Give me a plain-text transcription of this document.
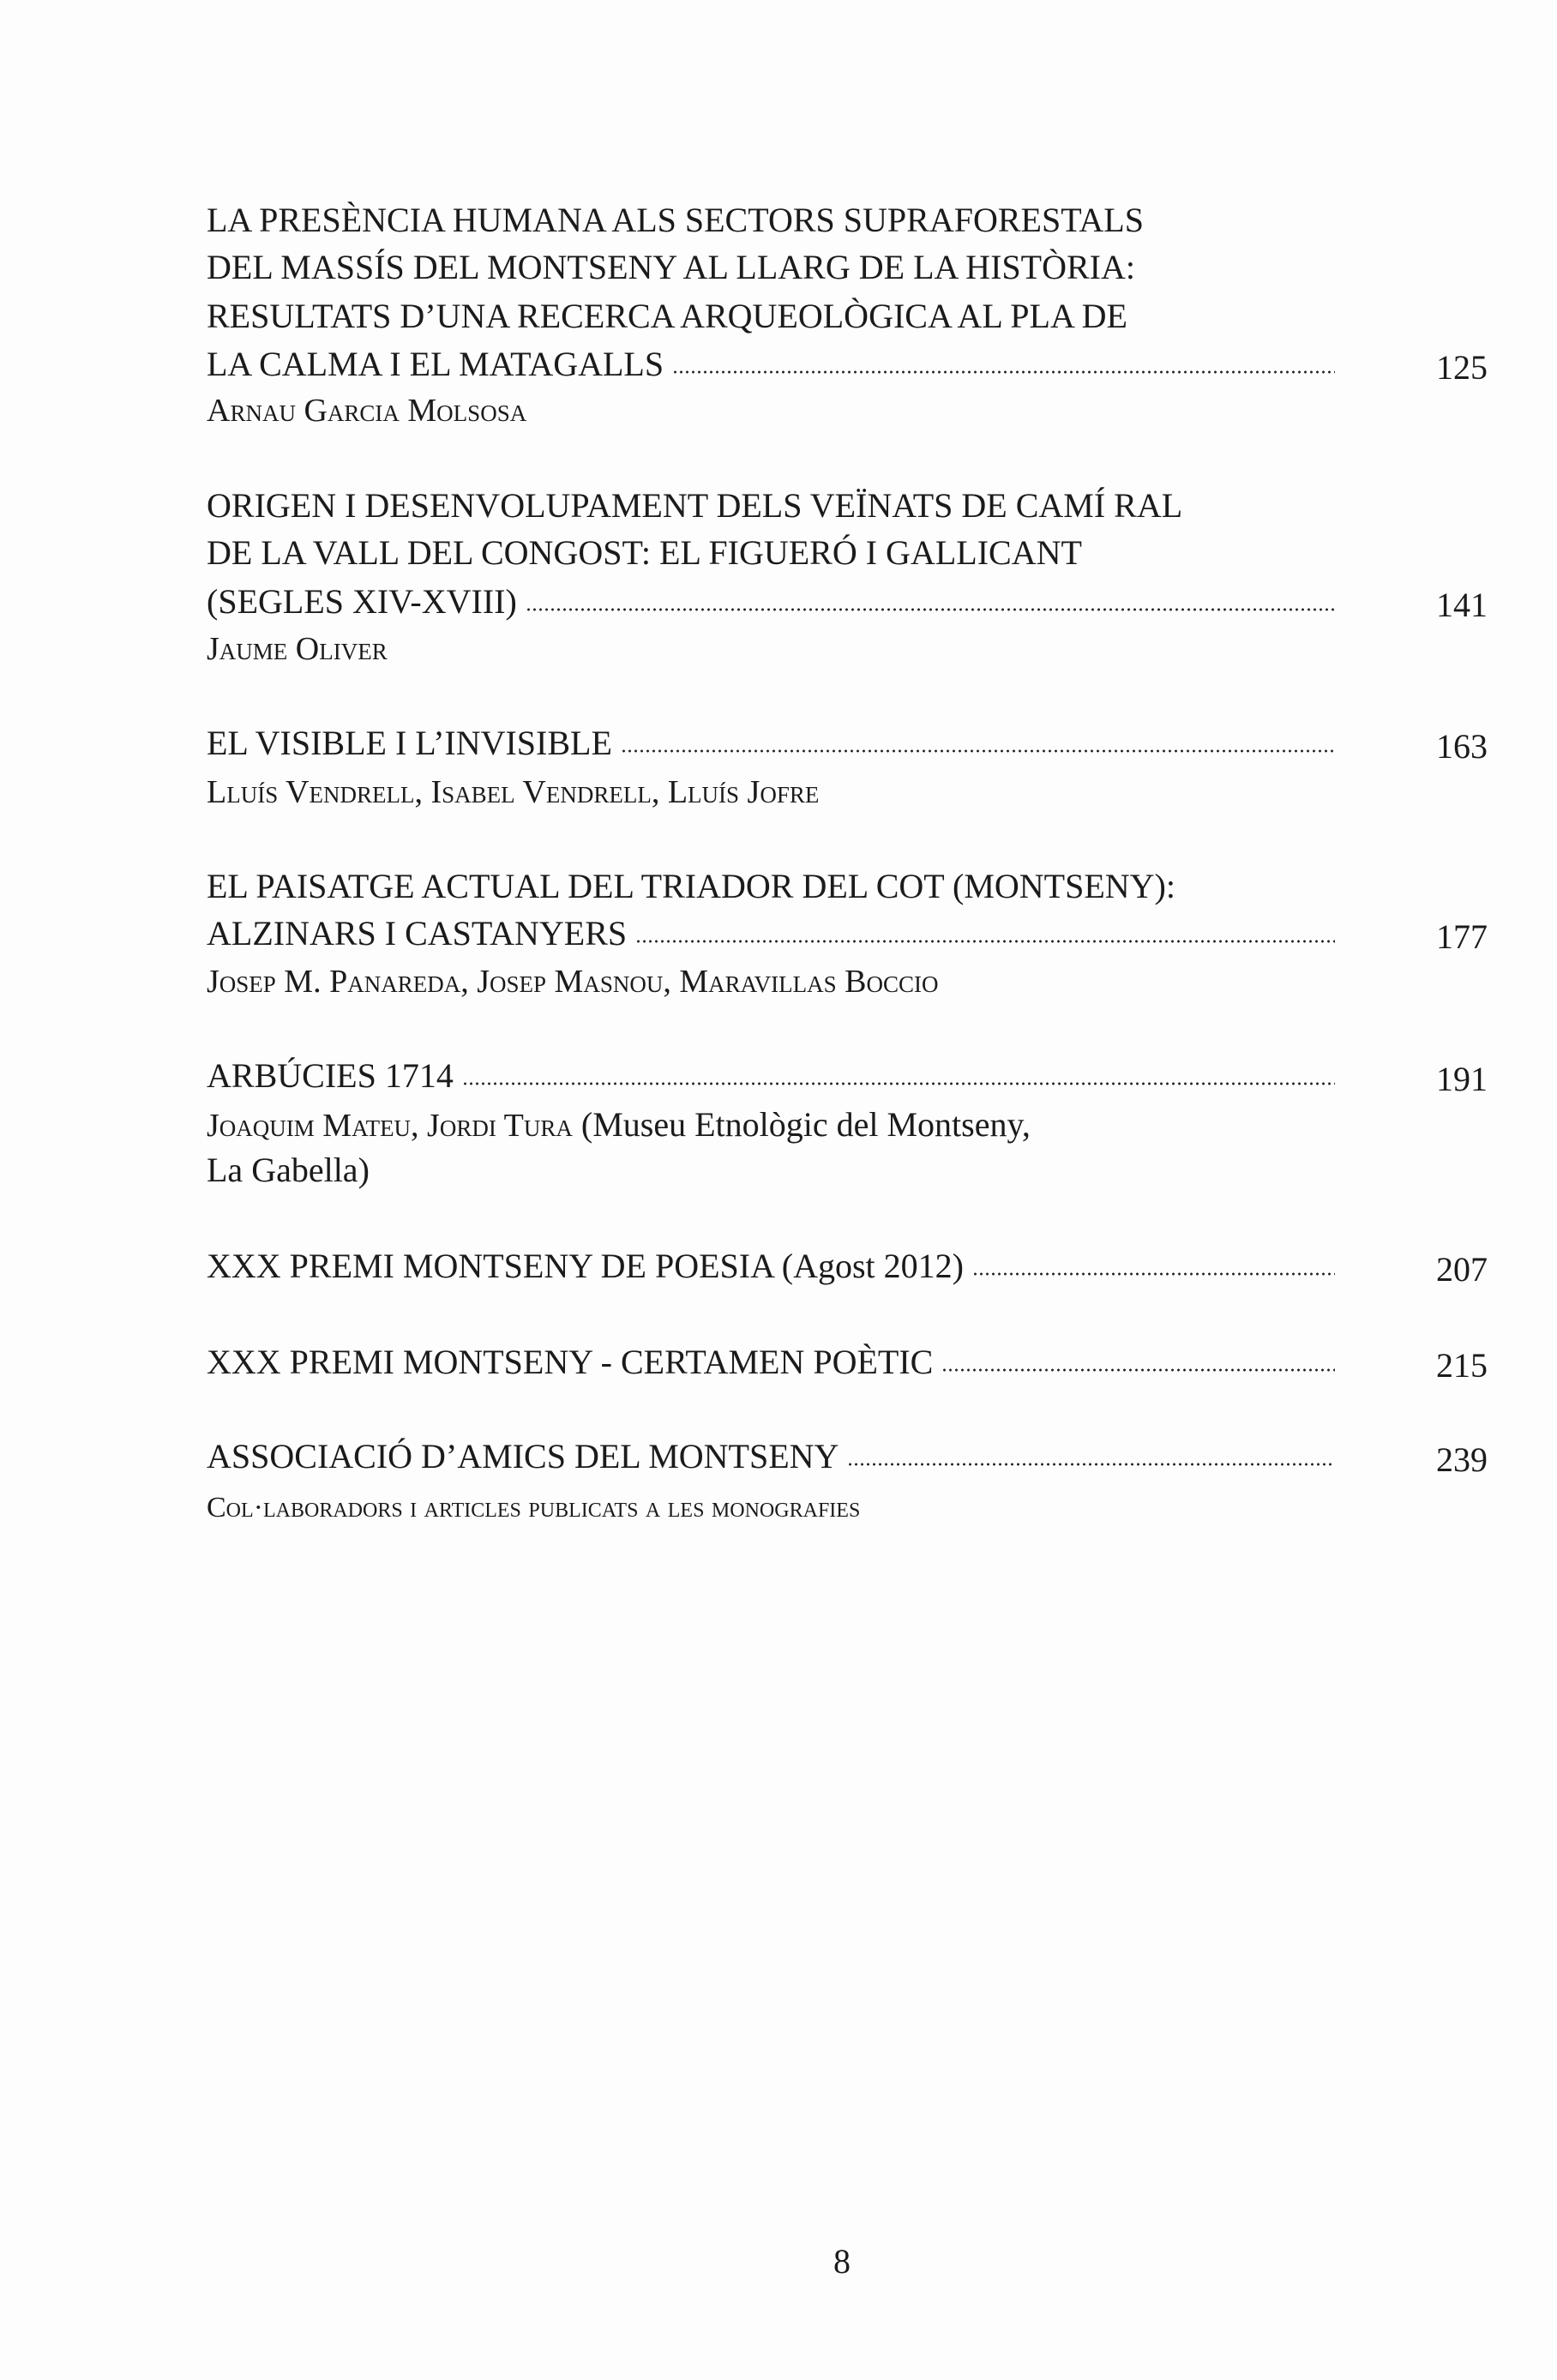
LA PRESÈNCIA HUMANA ALS SECTORS SUPRAFORESTALS
DEL MASSÍS DEL MONTSENY AL LLARG DE LA HISTÒRIA:
RESULTATS D’UNA RECERCA ARQUEOLÒGICA AL PLA DE
LA CALMA I EL MATAGALLS	125
Arnau Garcia Molsosa
ORIGEN I DESENVOLUPAMENT DELS VEÏNATS DE CAMÍ RAL
DE LA VALL DEL CONGOST: EL FIGUERÓ I GALLICANT
(SEGLES XIV-XVIII)	141
Jaume Oliver
EL VISIBLE I L’INVISIBLE	163
Lluís Vendrell, Isabel Vendrell, Lluís Jofre
EL PAISATGE ACTUAL DEL TRIADOR DEL COT (MONTSENY):
ALZINARS I CASTANYERS	177
Josep M. Panareda, Josep Masnou, Maravillas Boccio
ARBÚCIES 1714	191
Joaquim Mateu, Jordi Tura (Museu Etnològic del Montseny,
La Gabella)
XXX PREMI MONTSENY DE POESIA (Agost 2012)	207
XXX PREMI MONTSENY - CERTAMEN POÈTIC	215
ASSOCIACIÓ D’AMICS DEL MONTSENY	239
Col·laboradors i articles publicats a les monografies
8
